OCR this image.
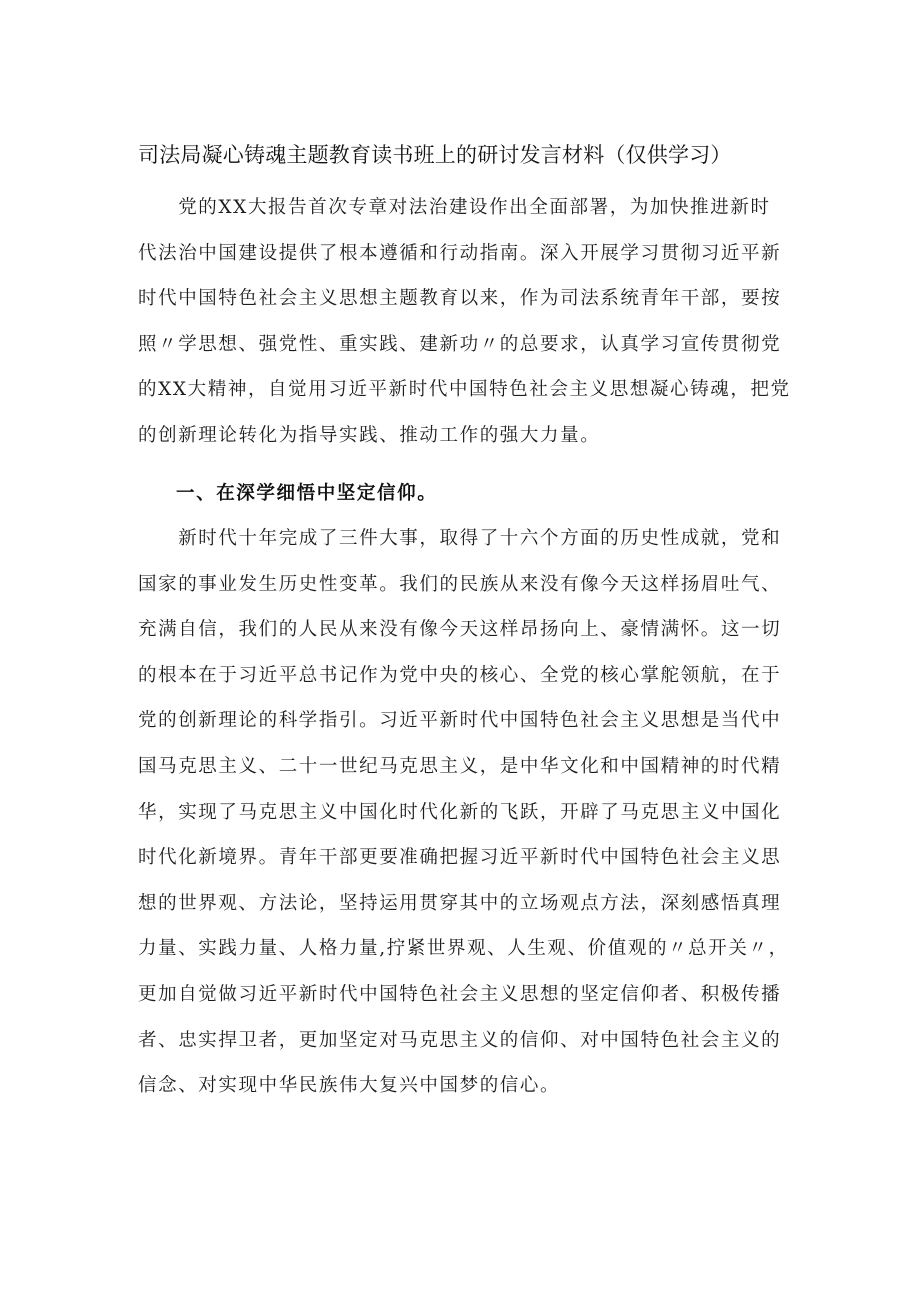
司法局凝心铸魂主题教育读书班上的研讨发言材料（仅供学习）
　　党的XX大报告首次专章对法治建设作出全面部署，为加快推进新时
代法治中国建设提供了根本遵循和行动指南。深入开展学习贯彻习近平新
时代中国特色社会主义思想主题教育以来，作为司法系统青年干部，要按
照〃学思想、强党性、重实践、建新功〃的总要求，认真学习宣传贯彻党
的XX大精神，自觉用习近平新时代中国特色社会主义思想凝心铸魂，把党
的创新理论转化为指导实践、推动工作的强大力量。
一、在深学细悟中坚定信仰。
　　新时代十年完成了三件大事，取得了十六个方面的历史性成就，党和
国家的事业发生历史性变革。我们的民族从来没有像今天这样扬眉吐气、
充满自信，我们的人民从来没有像今天这样昂扬向上、豪情满怀。这一切
的根本在于习近平总书记作为党中央的核心、全党的核心掌舵领航，在于
党的创新理论的科学指引。习近平新时代中国特色社会主义思想是当代中
国马克思主义、二十一世纪马克思主义，是中华文化和中国精神的时代精
华，实现了马克思主义中国化时代化新的飞跃，开辟了马克思主义中国化
时代化新境界。青年干部更要准确把握习近平新时代中国特色社会主义思
想的世界观、方法论，坚持运用贯穿其中的立场观点方法，深刻感悟真理
力量、实践力量、人格力量,拧紧世界观、人生观、价值观的〃总开关〃，
更加自觉做习近平新时代中国特色社会主义思想的坚定信仰者、积极传播
者、忠实捍卫者，更加坚定对马克思主义的信仰、对中国特色社会主义的
信念、对实现中华民族伟大复兴中国梦的信心。
